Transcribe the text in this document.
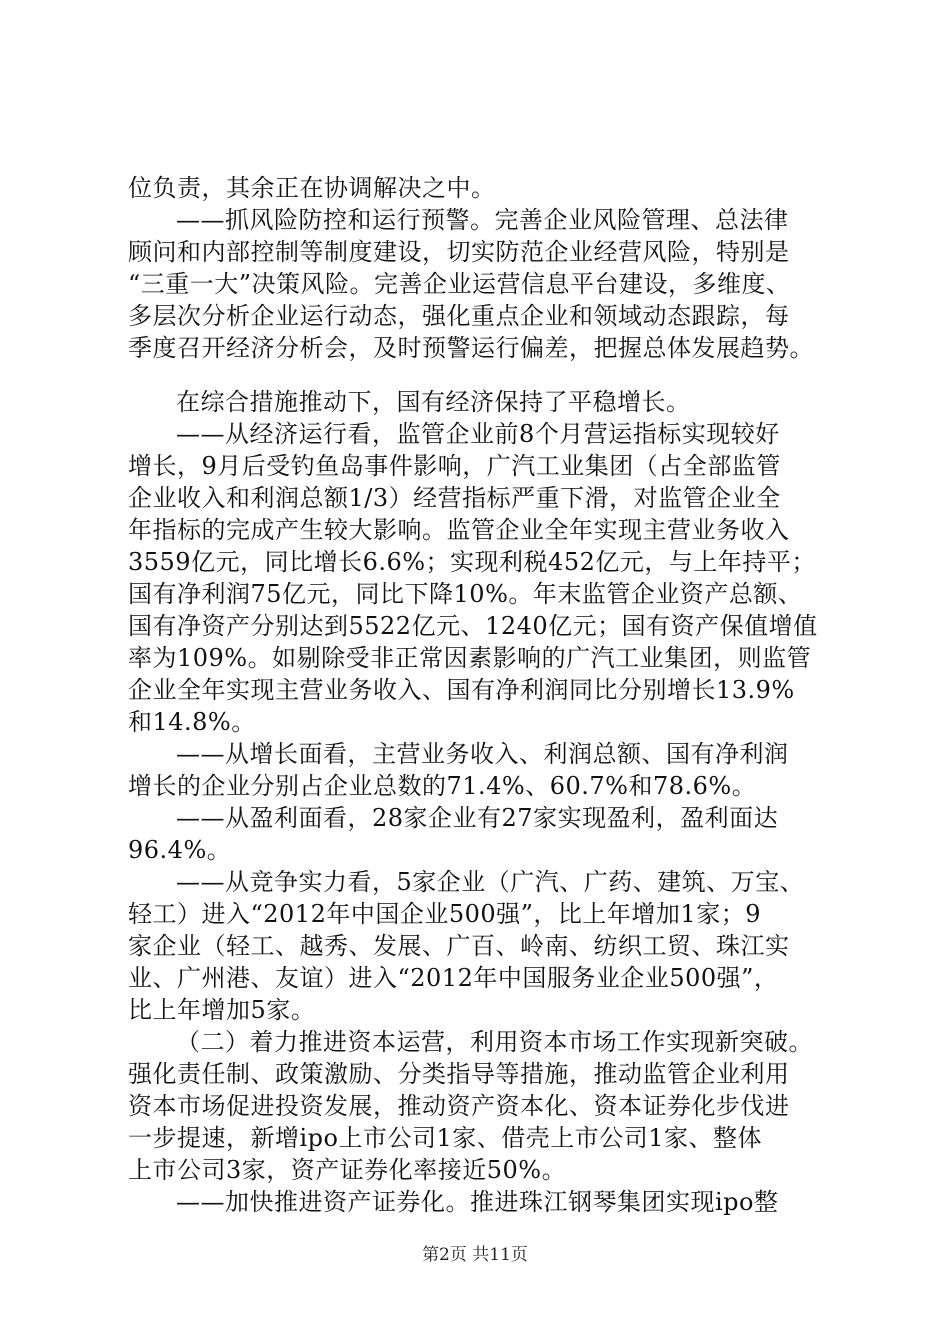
位负责，其余正在协调解决之中。
——抓风险防控和运行预警。完善企业风险管理、总法律
顾问和内部控制等制度建设，切实防范企业经营风险，特别是
“三重一大”决策风险。完善企业运营信息平台建设，多维度、
多层次分析企业运行动态，强化重点企业和领域动态跟踪，每
季度召开经济分析会，及时预警运行偏差，把握总体发展趋势。
在综合措施推动下，国有经济保持了平稳增长。
——从经济运行看，监管企业前8个月营运指标实现较好
增长，9月后受钓鱼岛事件影响，广汽工业集团（占全部监管
企业收入和利润总额1/3）经营指标严重下滑，对监管企业全
年指标的完成产生较大影响。监管企业全年实现主营业务收入
3559亿元，同比增长6.6%；实现利税452亿元，与上年持平；
国有净利润75亿元，同比下降10%。年末监管企业资产总额、
国有净资产分别达到5522亿元、1240亿元；国有资产保值增值
率为109%。如剔除受非正常因素影响的广汽工业集团，则监管
企业全年实现主营业务收入、国有净利润同比分别增长13.9%
和14.8%。
——从增长面看，主营业务收入、利润总额、国有净利润
增长的企业分别占企业总数的71.4%、60.7%和78.6%。
——从盈利面看，28家企业有27家实现盈利，盈利面达
96.4%。
——从竞争实力看，5家企业（广汽、广药、建筑、万宝、
轻工）进入“2012年中国企业500强”，比上年增加1家；9
家企业（轻工、越秀、发展、广百、岭南、纺织工贸、珠江实
业、广州港、友谊）进入“2012年中国服务业企业500强”，
比上年增加5家。
（二）着力推进资本运营，利用资本市场工作实现新突破。
强化责任制、政策激励、分类指导等措施，推动监管企业利用
资本市场促进投资发展，推动资产资本化、资本证券化步伐进
一步提速，新增ipo上市公司1家、借壳上市公司1家、整体
上市公司3家，资产证券化率接近50%。
——加快推进资产证券化。推进珠江钢琴集团实现ipo整
第2页 共11页
